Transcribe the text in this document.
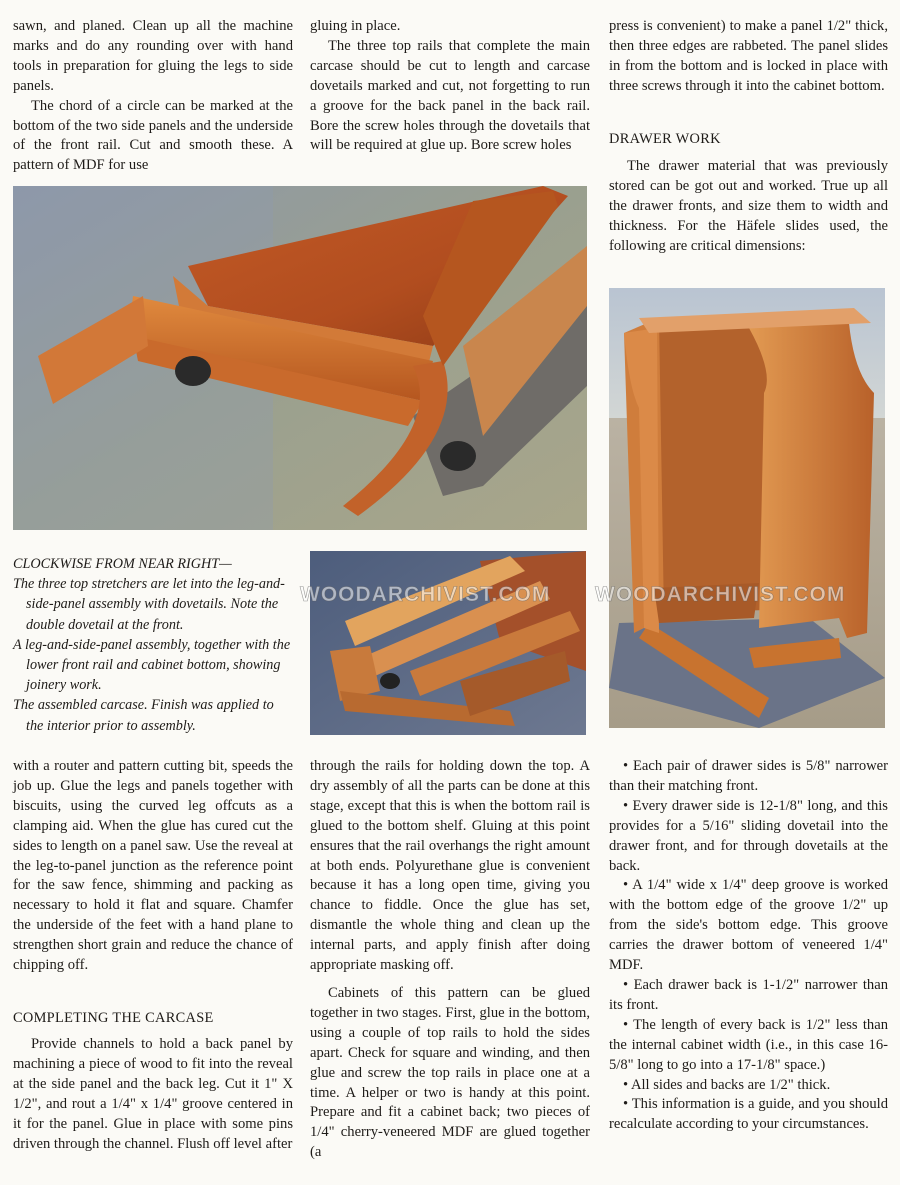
sawn, and planed. Clean up all the machine marks and do any rounding over with hand tools in preparation for gluing the legs to side panels.

The chord of a circle can be marked at the bottom of the two side panels and the underside of the front rail. Cut and smooth these. A pattern of MDF for use

gluing in place.

The three top rails that complete the main carcase should be cut to length and carcase dovetails marked and cut, not forgetting to run a groove for the back panel in the back rail. Bore the screw holes through the dovetails that will be required at glue up. Bore screw holes

press is convenient) to make a panel 1/2" thick, then three edges are rabbeted. The panel slides in from the bottom and is locked in place with three screws through it into the cabinet bottom.

DRAWER WORK

The drawer material that was previously stored can be got out and worked. True up all the drawer fronts, and size them to width and thickness. For the Häfele slides used, the following are critical dimensions:

CLOCKWISE FROM NEAR RIGHT—

The three top stretchers are let into the leg-and-side-panel assembly with dovetails. Note the double dovetail at the front.

A leg-and-side-panel assembly, together with the lower front rail and cabinet bottom, showing joinery work.

The assembled carcase. Finish was applied to the interior prior to assembly.

WOODARCHIVIST.COM WOODARCHIVIST.COM

with a router and pattern cutting bit, speeds the job up. Glue the legs and panels together with biscuits, using the curved leg offcuts as a clamping aid. When the glue has cured cut the sides to length on a panel saw. Use the reveal at the leg-to-panel junction as the reference point for the saw fence, shimming and packing as necessary to hold it flat and square. Chamfer the underside of the feet with a hand plane to strengthen short grain and reduce the chance of chipping off.

COMPLETING THE CARCASE

Provide channels to hold a back panel by machining a piece of wood to fit into the reveal at the side panel and the back leg. Cut it 1" X 1/2", and rout a 1/4" x 1/4" groove centered in it for the panel. Glue in place with some pins driven through the channel. Flush off level after

through the rails for holding down the top. A dry assembly of all the parts can be done at this stage, except that this is when the bottom rail is glued to the bottom shelf. Gluing at this point ensures that the rail overhangs the right amount at both ends. Polyurethane glue is convenient because it has a long open time, giving you chance to fiddle. Once the glue has set, dismantle the whole thing and clean up the internal parts, and apply finish after doing appropriate masking off.

Cabinets of this pattern can be glued together in two stages. First, glue in the bottom, using a couple of top rails to hold the sides apart. Check for square and winding, and then glue and screw the top rails in place one at a time. A helper or two is handy at this point. Prepare and fit a cabinet back; two pieces of 1/4" cherry-veneered MDF are glued together (a

• Each pair of drawer sides is 5/8" narrower than their matching front.

• Every drawer side is 12-1/8" long, and this provides for a 5/16" sliding dovetail into the drawer front, and for through dovetails at the back.

• A 1/4" wide x 1/4" deep groove is worked with the bottom edge of the groove 1/2" up from the side's bottom edge. This groove carries the drawer bottom of veneered 1/4" MDF.

• Each drawer back is 1-1/2" narrower than its front.

• The length of every back is 1/2" less than the internal cabinet width (i.e., in this case 16-5/8" long to go into a 17-1/8" space.)

• All sides and backs are 1/2" thick.

• This information is a guide, and you should recalculate according to your circumstances.
